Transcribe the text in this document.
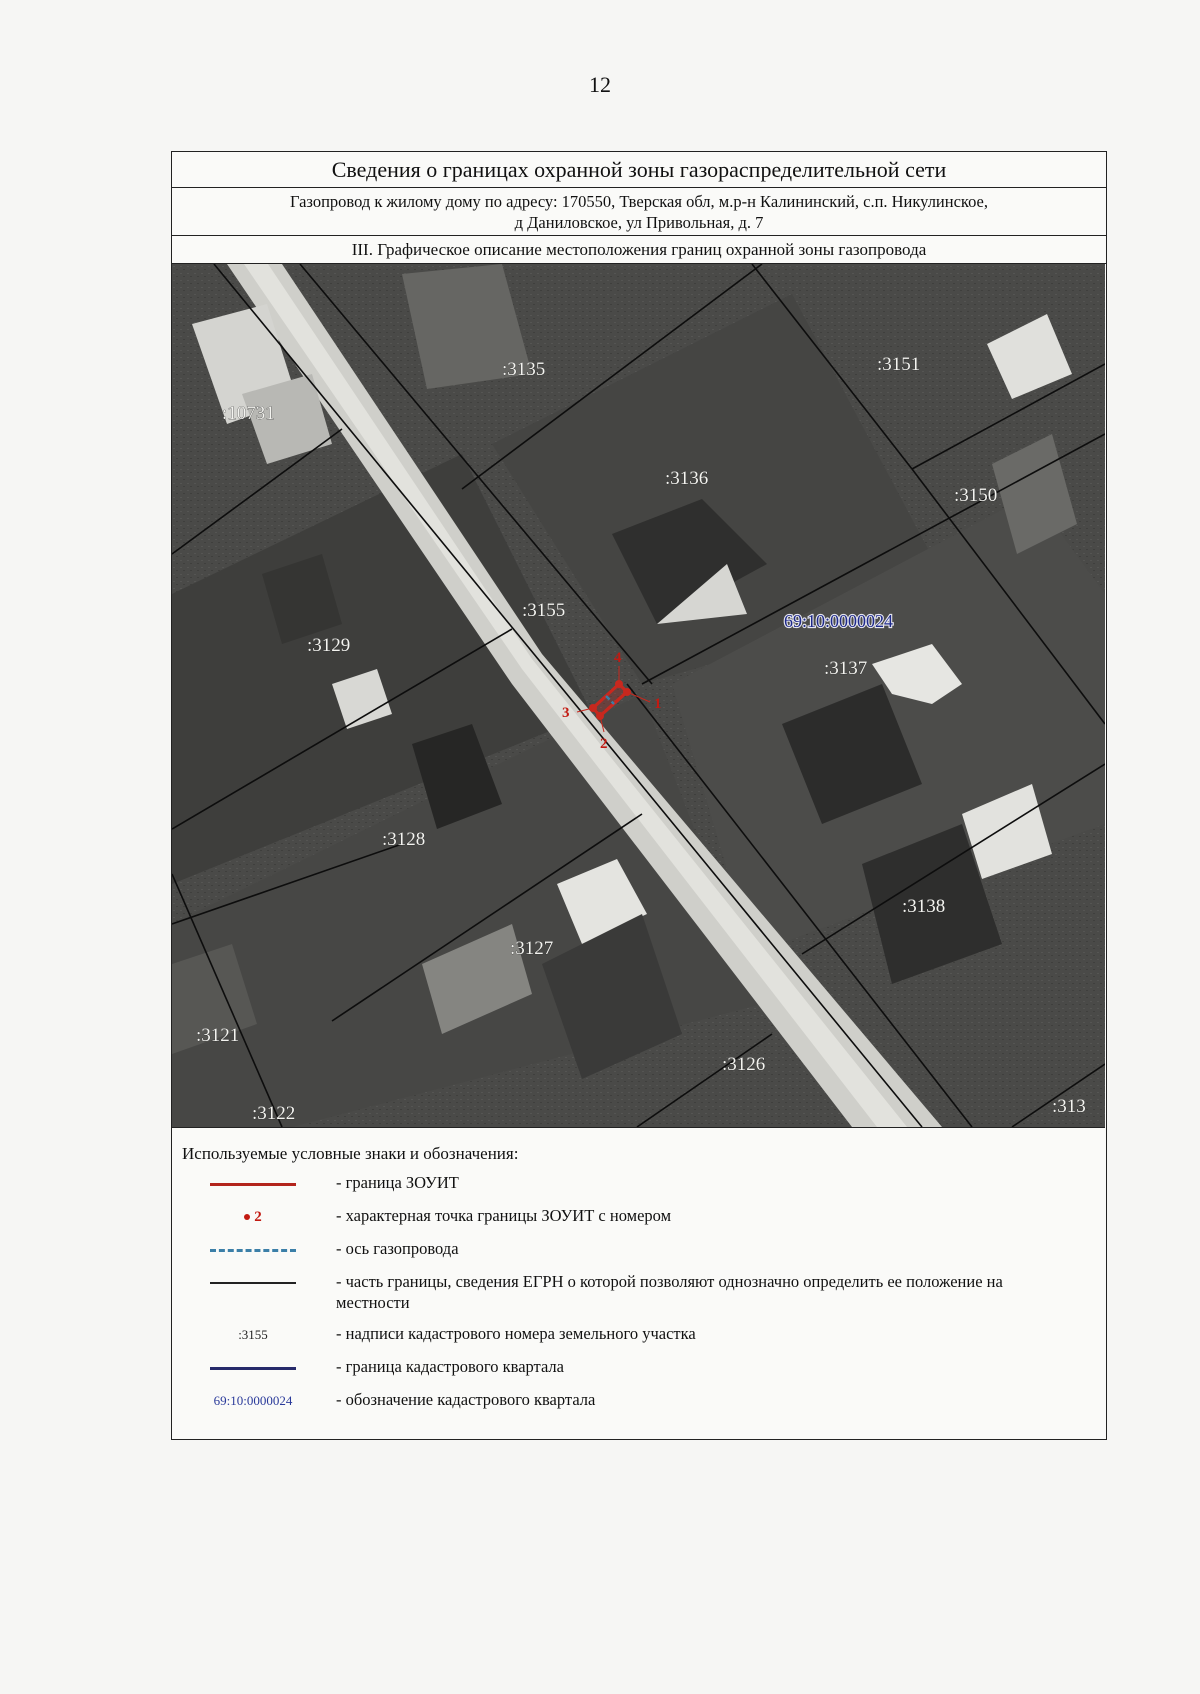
12
Сведения о границах охранной зоны газораспределительной сети
Газопровод к жилому дому по адресу: 170550, Тверская обл, м.р-н Калининский, с.п. Никулинское,
д Даниловское, ул Привольная, д. 7
III. Графическое описание местоположения границ охранной зоны газопровода
1
2
3
4
:3135	:3151
:10731
:3136
:3150
:3155	69:10:0000024
:3129
:3137
:3128
:3138
:3127
:3121
:3126
:3122	:313
Используемые условные знаки и обозначения:
- граница ЗОУИТ
2	- характерная точка границы ЗОУИТ с номером
- ось газопровода
- часть границы, сведения ЕГРН о которой позволяют однозначно определить ее положение на местности
:3155	- надписи кадастрового номера земельного участка
- граница кадастрового квартала
69:10:0000024	- обозначение кадастрового квартала
